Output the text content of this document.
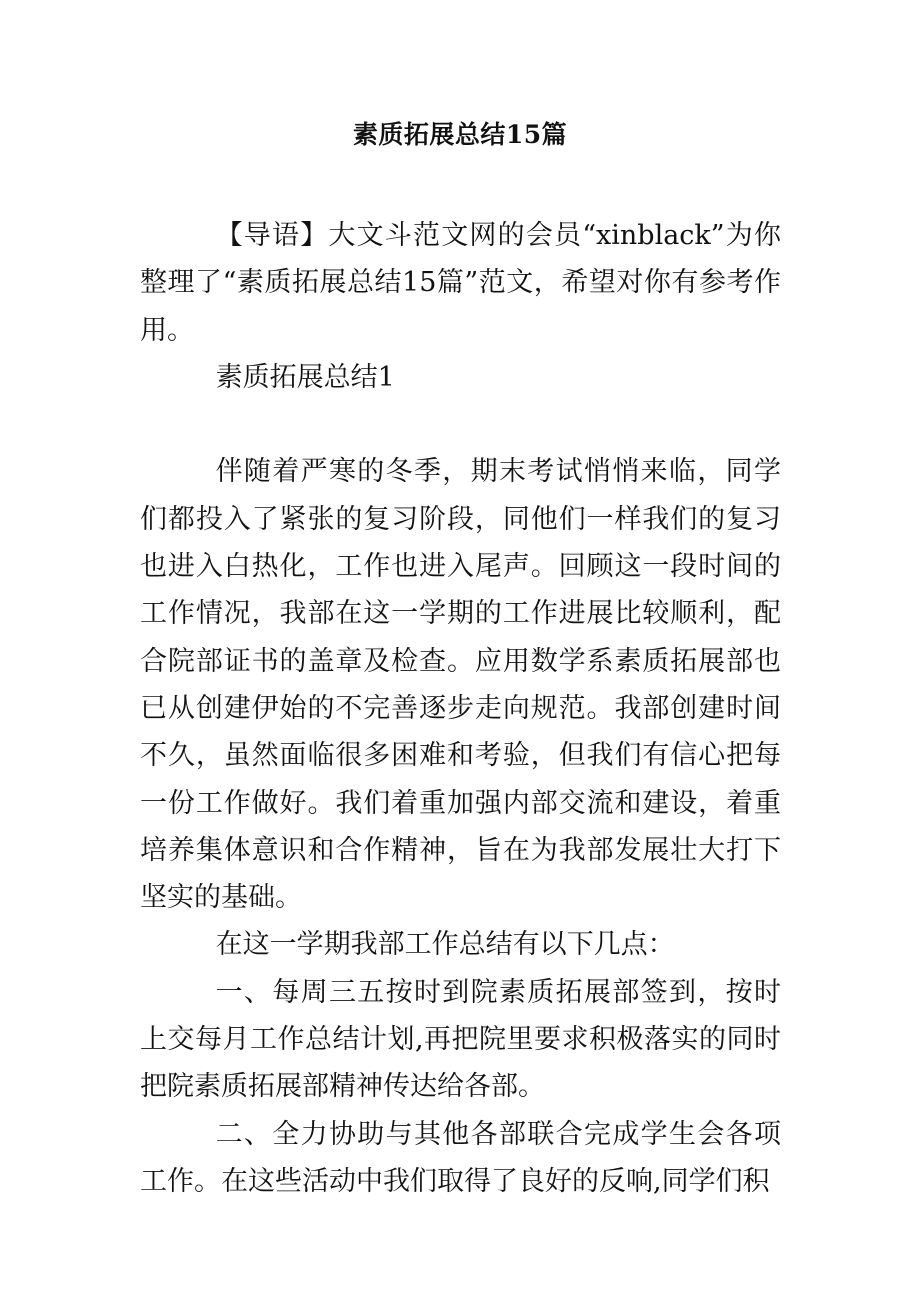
素质拓展总结15篇

【导语】大文斗范文网的会员“xinblack”为你整理了“素质拓展总结15篇”范文，希望对你有参考作用。

素质拓展总结1

伴随着严寒的冬季，期末考试悄悄来临，同学们都投入了紧张的复习阶段，同他们一样我们的复习也进入白热化，工作也进入尾声。回顾这一段时间的工作情况，我部在这一学期的工作进展比较顺利，配合院部证书的盖章及检查。应用数学系素质拓展部也已从创建伊始的不完善逐步走向规范。我部创建时间不久，虽然面临很多困难和考验，但我们有信心把每一份工作做好。我们着重加强内部交流和建设，着重培养集体意识和合作精神，旨在为我部发展壮大打下坚实的基础。

在这一学期我部工作总结有以下几点：

一、每周三五按时到院素质拓展部签到，按时上交每月工作总结计划,再把院里要求积极落实的同时把院素质拓展部精神传达给各部。

二、全力协助与其他各部联合完成学生会各项工作。在这些活动中我们取得了良好的反响,同学们积
